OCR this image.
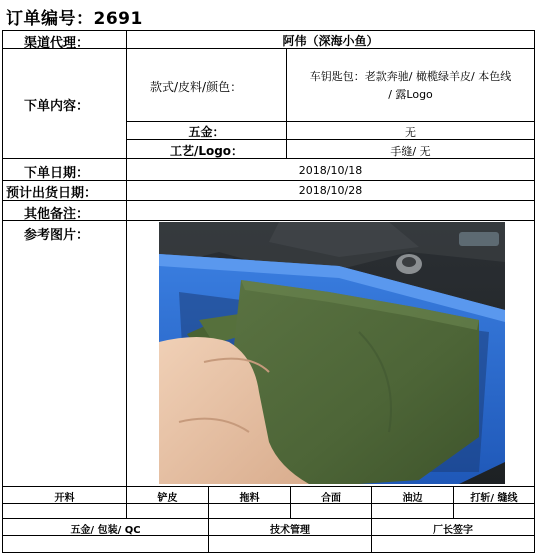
订单编号：2691
渠道代理：	阿伟（深海小鱼）
下单内容：
款式/皮料/颜色：
车钥匙包：老款奔驰/ 橄榄绿羊皮/ 本色线
/ 露Logo
五金：	无
工艺/Logo：	手缝/ 无
下单日期：	2018/10/18
预计出货日期：	2018/10/28
其他备注：
参考图片：
开料	铲皮	拖料	合面	油边	打斩/ 缝线
五金/ 包装/ QC	技术管理	厂长签字
